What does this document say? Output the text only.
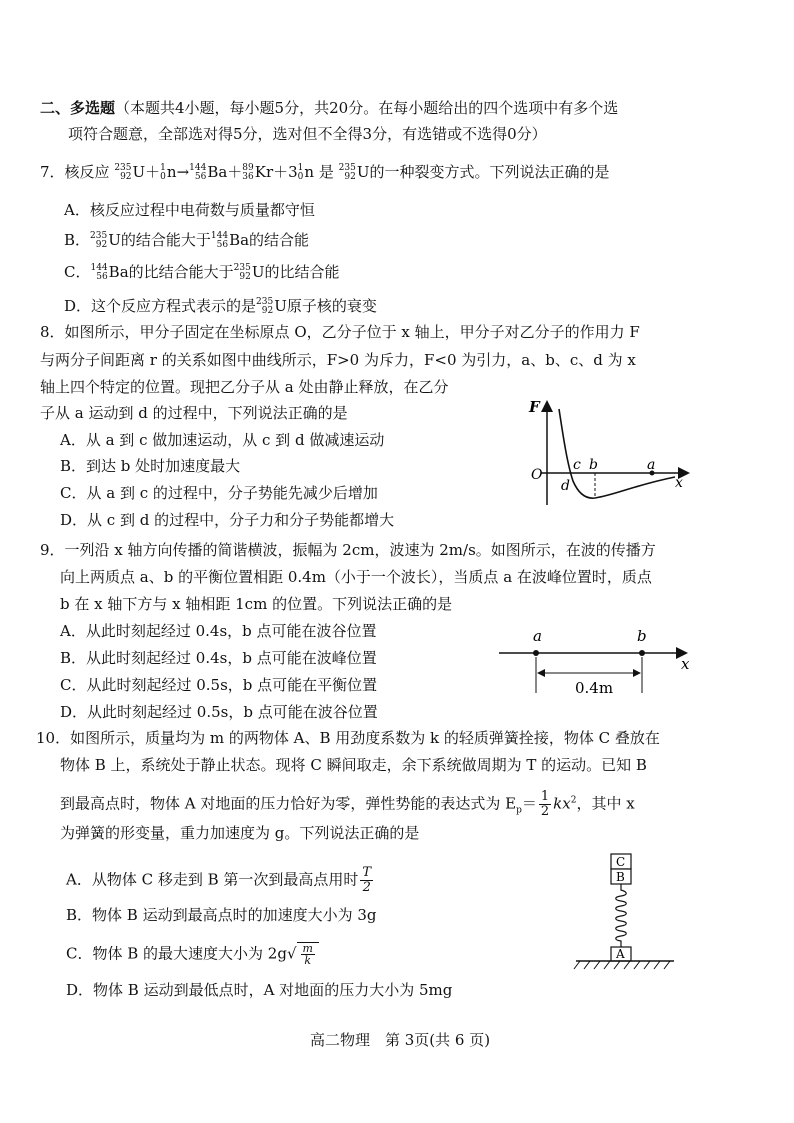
二、多选题（本题共4小题，每小题5分，共20分。在每小题给出的四个选项中有多个选
项符合题意，全部选对得5分，选对但不全得3分，有选错或不选得0分）
7．核反应 235
92 U＋ 1
0 n→ 144
56 Ba＋ 89
36 Kr＋3 1
0 n 是 235
92 U的一种裂变方式。下列说法正确的是
A．核反应过程中电荷数与质量都守恒
B． 235
92 U的结合能大于 144
56 Ba的结合能
C． 144
56 Ba的比结合能大于 235
92 U的比结合能
D．这个反应方程式表示的是 235
92 U原子核的衰变
8．如图所示，甲分子固定在坐标原点 O，乙分子位于 x 轴上，甲分子对乙分子的作用力 F
与两分子间距离 r 的关系如图中曲线所示，F>0 为斥力，F<0 为引力，a、b、c、d 为 x
轴上四个特定的位置。现把乙分子从 a 处由静止释放，在乙分
子从 a 运动到 d 的过程中，下列说法正确的是
A．从 a 到 c 做加速运动，从 c 到 d 做减速运动
B．到达 b 处时加速度最大
C．从 a 到 c 的过程中，分子势能先减少后增加
D．从 c 到 d 的过程中，分子力和分子势能都增大
F
O
c b	a
d	x
9．一列沿 x 轴方向传播的简谐横波，振幅为 2cm，波速为 2m/s。如图所示，在波的传播方
向上两质点 a、b 的平衡位置相距 0.4m（小于一个波长），当质点 a 在波峰位置时，质点
b 在 x 轴下方与 x 轴相距 1cm 的位置。下列说法正确的是
A．从此时刻起经过 0.4s，b 点可能在波谷位置
B．从此时刻起经过 0.4s，b 点可能在波峰位置
C．从此时刻起经过 0.5s，b 点可能在平衡位置
D．从此时刻起经过 0.5s，b 点可能在波谷位置
a	b
x
0.4m
10．如图所示，质量均为 m 的两物体 A、B 用劲度系数为 k 的轻质弹簧拴接，物体 C 叠放在
物体 B 上，系统处于静止状态。现将 C 瞬间取走，余下系统做周期为 T 的运动。已知 B
到最高点时，物体 A 对地面的压力恰好为零，弹性势能的表达式为 $E_p= \frac{1}{2} kx^2$，其中 x
为弹簧的形变量，重力加速度为 g。下列说法正确的是
A．从物体 C 移走到 B 第一次到最高点用时 $\frac{T}{2}$
B．物体 B 运动到最高点时的加速度大小为 3g
C．物体 B 的最大速度大小为 $2g√ \frac{m}{k}$
D．物体 B 运动到最低点时，A 对地面的压力大小为 5mg
C
B
A
高二物理　第 3页(共 6 页)
